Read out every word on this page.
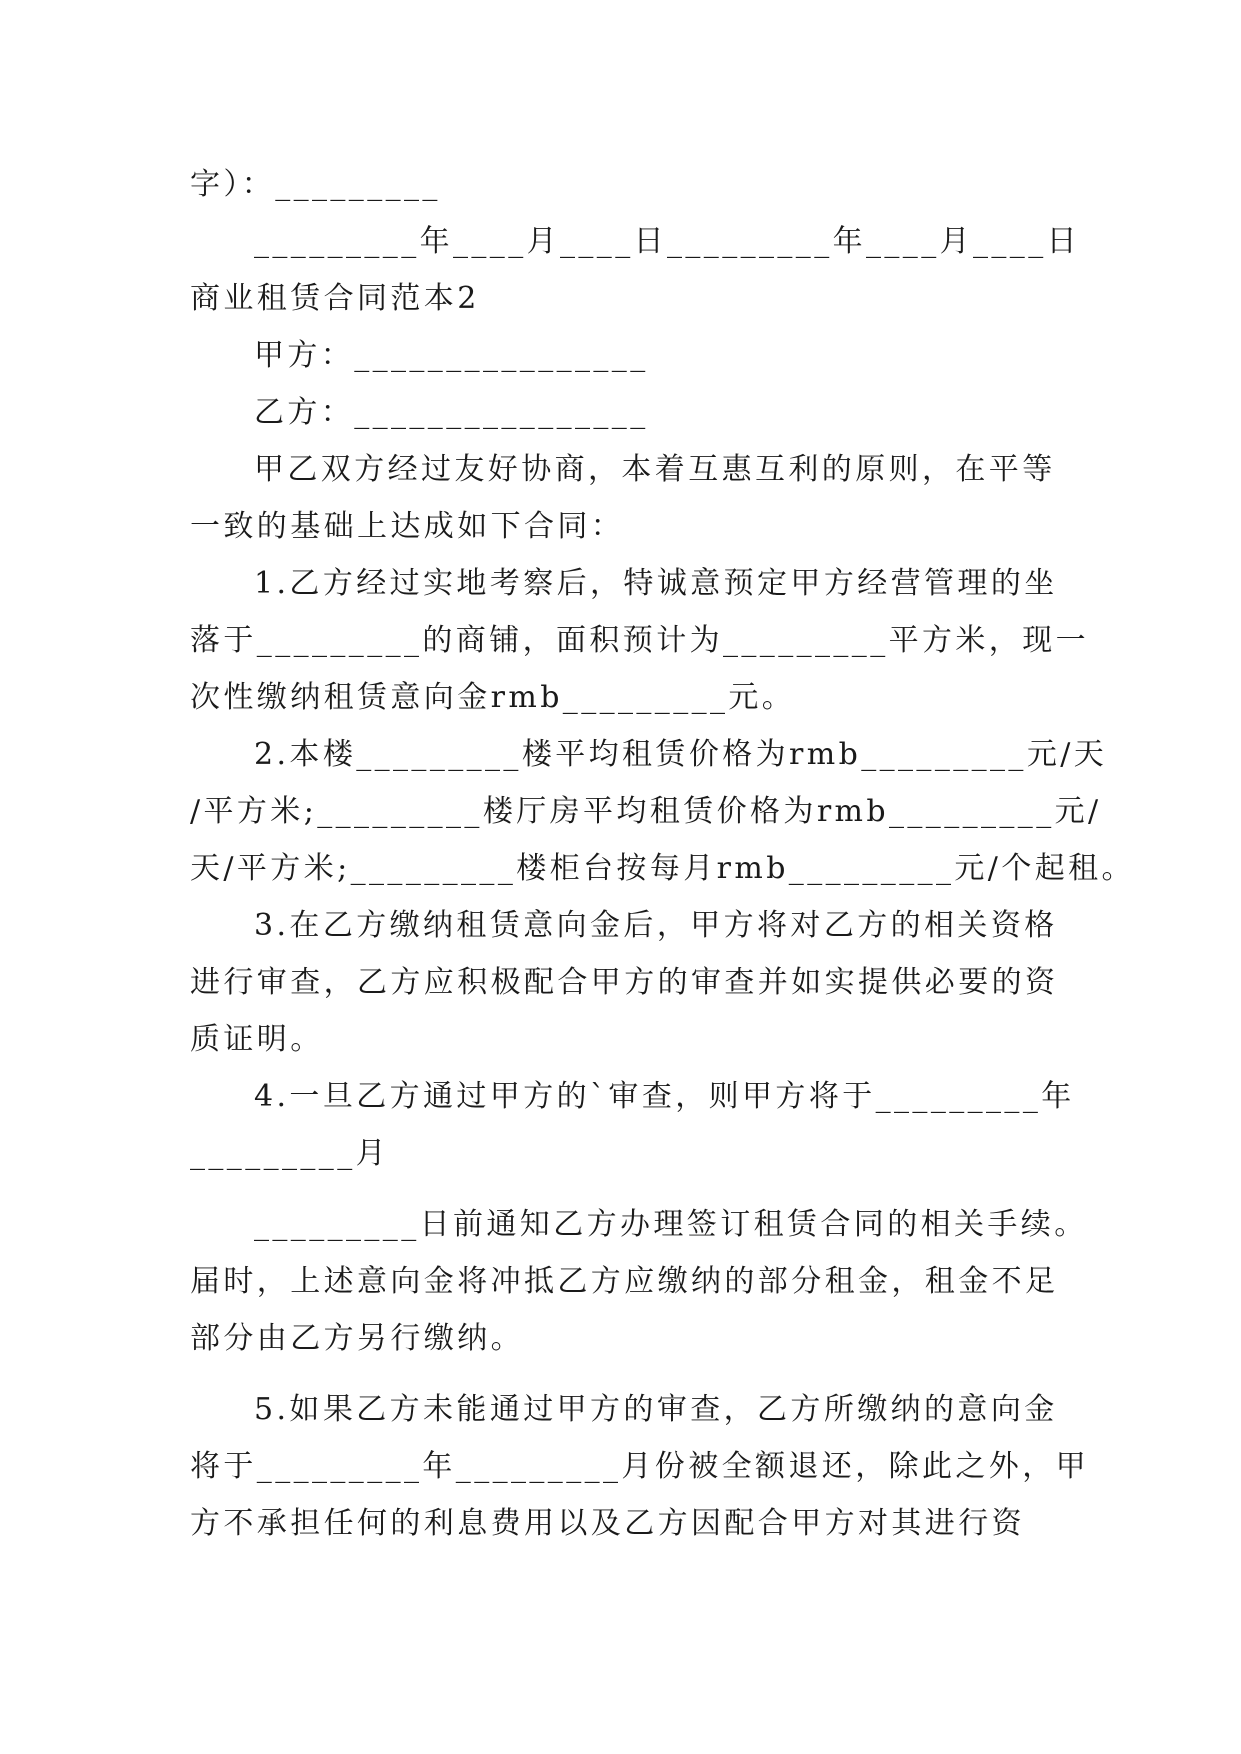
字）：_________
_________年____月____日_________年____月____日
商业租赁合同范本2
甲方：________________
乙方：________________
甲乙双方经过友好协商，本着互惠互利的原则，在平等
一致的基础上达成如下合同：
1.乙方经过实地考察后，特诚意预定甲方经营管理的坐
落于_________的商铺，面积预计为_________平方米，现一
次性缴纳租赁意向金rmb_________元。
2.本楼_________楼平均租赁价格为rmb_________元/天
/平方米;_________楼厅房平均租赁价格为rmb_________元/
天/平方米;_________楼柜台按每月rmb_________元/个起租。
3.在乙方缴纳租赁意向金后，甲方将对乙方的相关资格
进行审查，乙方应积极配合甲方的审查并如实提供必要的资
质证明。
4.一旦乙方通过甲方的`审查，则甲方将于_________年
_________月
_________日前通知乙方办理签订租赁合同的相关手续。
届时，上述意向金将冲抵乙方应缴纳的部分租金，租金不足
部分由乙方另行缴纳。
5.如果乙方未能通过甲方的审查，乙方所缴纳的意向金
将于_________年_________月份被全额退还，除此之外，甲
方不承担任何的利息费用以及乙方因配合甲方对其进行资
